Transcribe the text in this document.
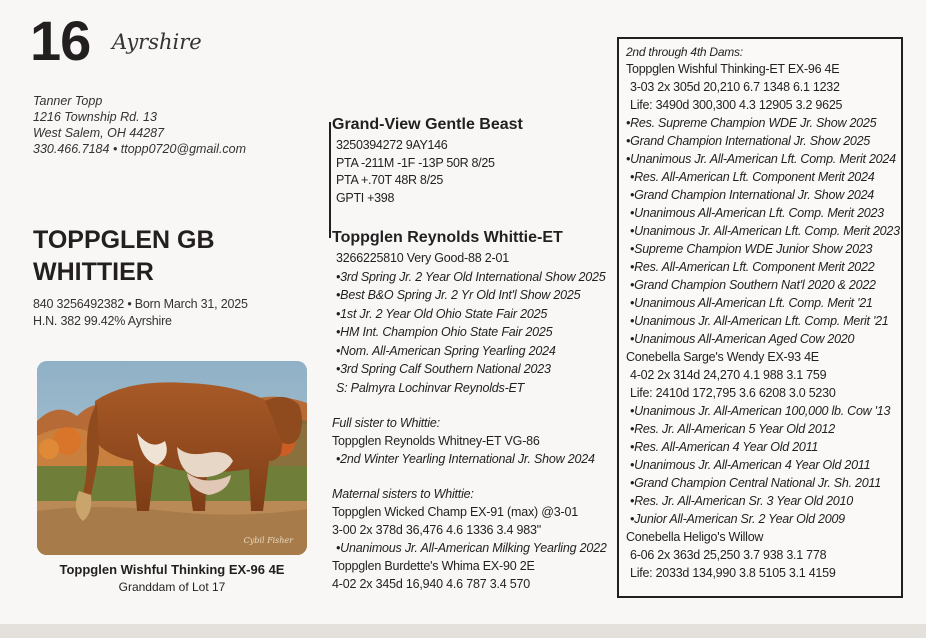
16 Ayrshire
Tanner Topp
1216 Township Rd. 13
West Salem, OH 44287
330.466.7184 • ttopp0720@gmail.com
TOPPGLEN GB
WHITTIER
840 3256492382 • Born March 31, 2025
H.N. 382 99.42% Ayrshire
Cybil Fisher
Toppglen Wishful Thinking EX-96 4E
Granddam of Lot 17
Grand-View Gentle Beast
3250394272 9AY146
PTA -211M -1F -13P 50R 8/25
PTA +.70T 48R 8/25
GPTI +398
Toppglen Reynolds Whittie-ET
3266225810 Very Good-88 2-01
•3rd Spring Jr. 2 Year Old International Show 2025
•Best B&O Spring Jr. 2 Yr Old Int'l Show 2025
•1st Jr. 2 Year Old Ohio State Fair 2025
•HM Int. Champion Ohio State Fair 2025
•Nom. All-American Spring Yearling 2024
•3rd Spring Calf Southern National 2023
S: Palmyra Lochinvar Reynolds-ET
Full sister to Whittie:
Toppglen Reynolds Whitney-ET VG-86
•2nd Winter Yearling International Jr. Show 2024
Maternal sisters to Whittie:
Toppglen Wicked Champ EX-91 (max) @3-01
3-00 2x 378d 36,476 4.6 1336 3.4 983"
•Unanimous Jr. All-American Milking Yearling 2022
Toppglen Burdette's Whima EX-90 2E
4-02 2x 345d 16,940 4.6 787 3.4 570
2nd through 4th Dams:
Toppglen Wishful Thinking-ET EX-96 4E
3-03 2x 305d 20,210 6.7 1348 6.1 1232
Life: 3490d 300,300 4.3 12905 3.2 9625
•Res. Supreme Champion WDE Jr. Show 2025
•Grand Champion International Jr. Show 2025
•Unanimous Jr. All-American Lft. Comp. Merit 2024
•Res. All-American Lft. Component Merit 2024
•Grand Champion International Jr. Show 2024
•Unanimous All-American Lft. Comp. Merit 2023
•Unanimous Jr. All-American Lft. Comp. Merit 2023
•Supreme Champion WDE Junior Show 2023
•Res. All-American Lft. Component Merit 2022
•Grand Champion Southern Nat'l 2020 & 2022
•Unanimous All-American Lft. Comp. Merit '21
•Unanimous Jr. All-American Lft. Comp. Merit '21
•Unanimous All-American Aged Cow 2020
Conebella Sarge's Wendy EX-93 4E
4-02 2x 314d 24,270 4.1 988 3.1 759
Life: 2410d 172,795 3.6 6208 3.0 5230
•Unanimous Jr. All-American 100,000 lb. Cow '13
•Res. Jr. All-American 5 Year Old 2012
•Res. All-American 4 Year Old 2011
•Unanimous Jr. All-American 4 Year Old 2011
•Grand Champion Central National Jr. Sh. 2011
•Res. Jr. All-American Sr. 3 Year Old 2010
•Junior All-American Sr. 2 Year Old 2009
Conebella Heligo's Willow
6-06 2x 363d 25,250 3.7 938 3.1 778
Life: 2033d 134,990 3.8 5105 3.1 4159
